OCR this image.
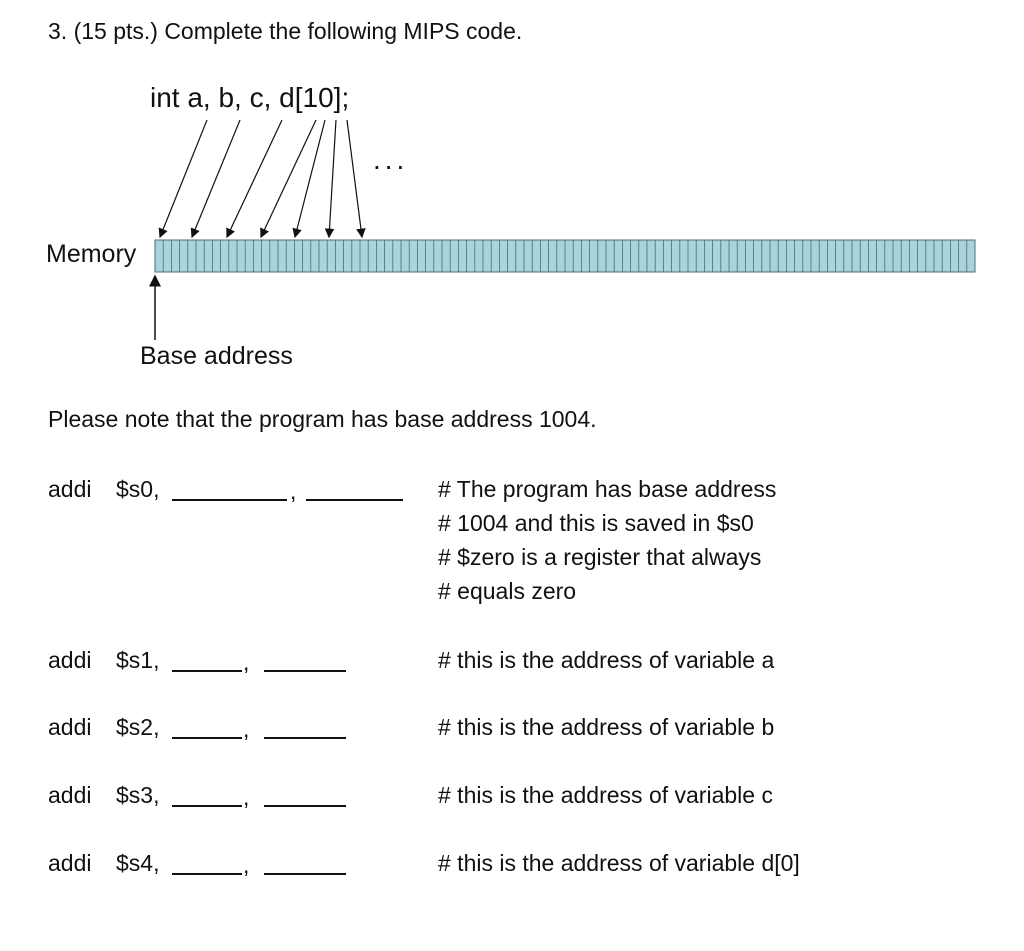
3. (15 pts.) Complete the following MIPS code.
int a, b, c, d[10];
...
Memory
Base address
Please note that the program has base address 1004.
addi $s0,	,	# The program has base address
# 1004 and this is saved in $s0
# $zero is a register that always
# equals zero
addi $s1,	,	# this is the address of variable a
addi $s2,	,	# this is the address of variable b
addi $s3,	,	# this is the address of variable c
addi $s4,	,	# this is the address of variable d[0]
